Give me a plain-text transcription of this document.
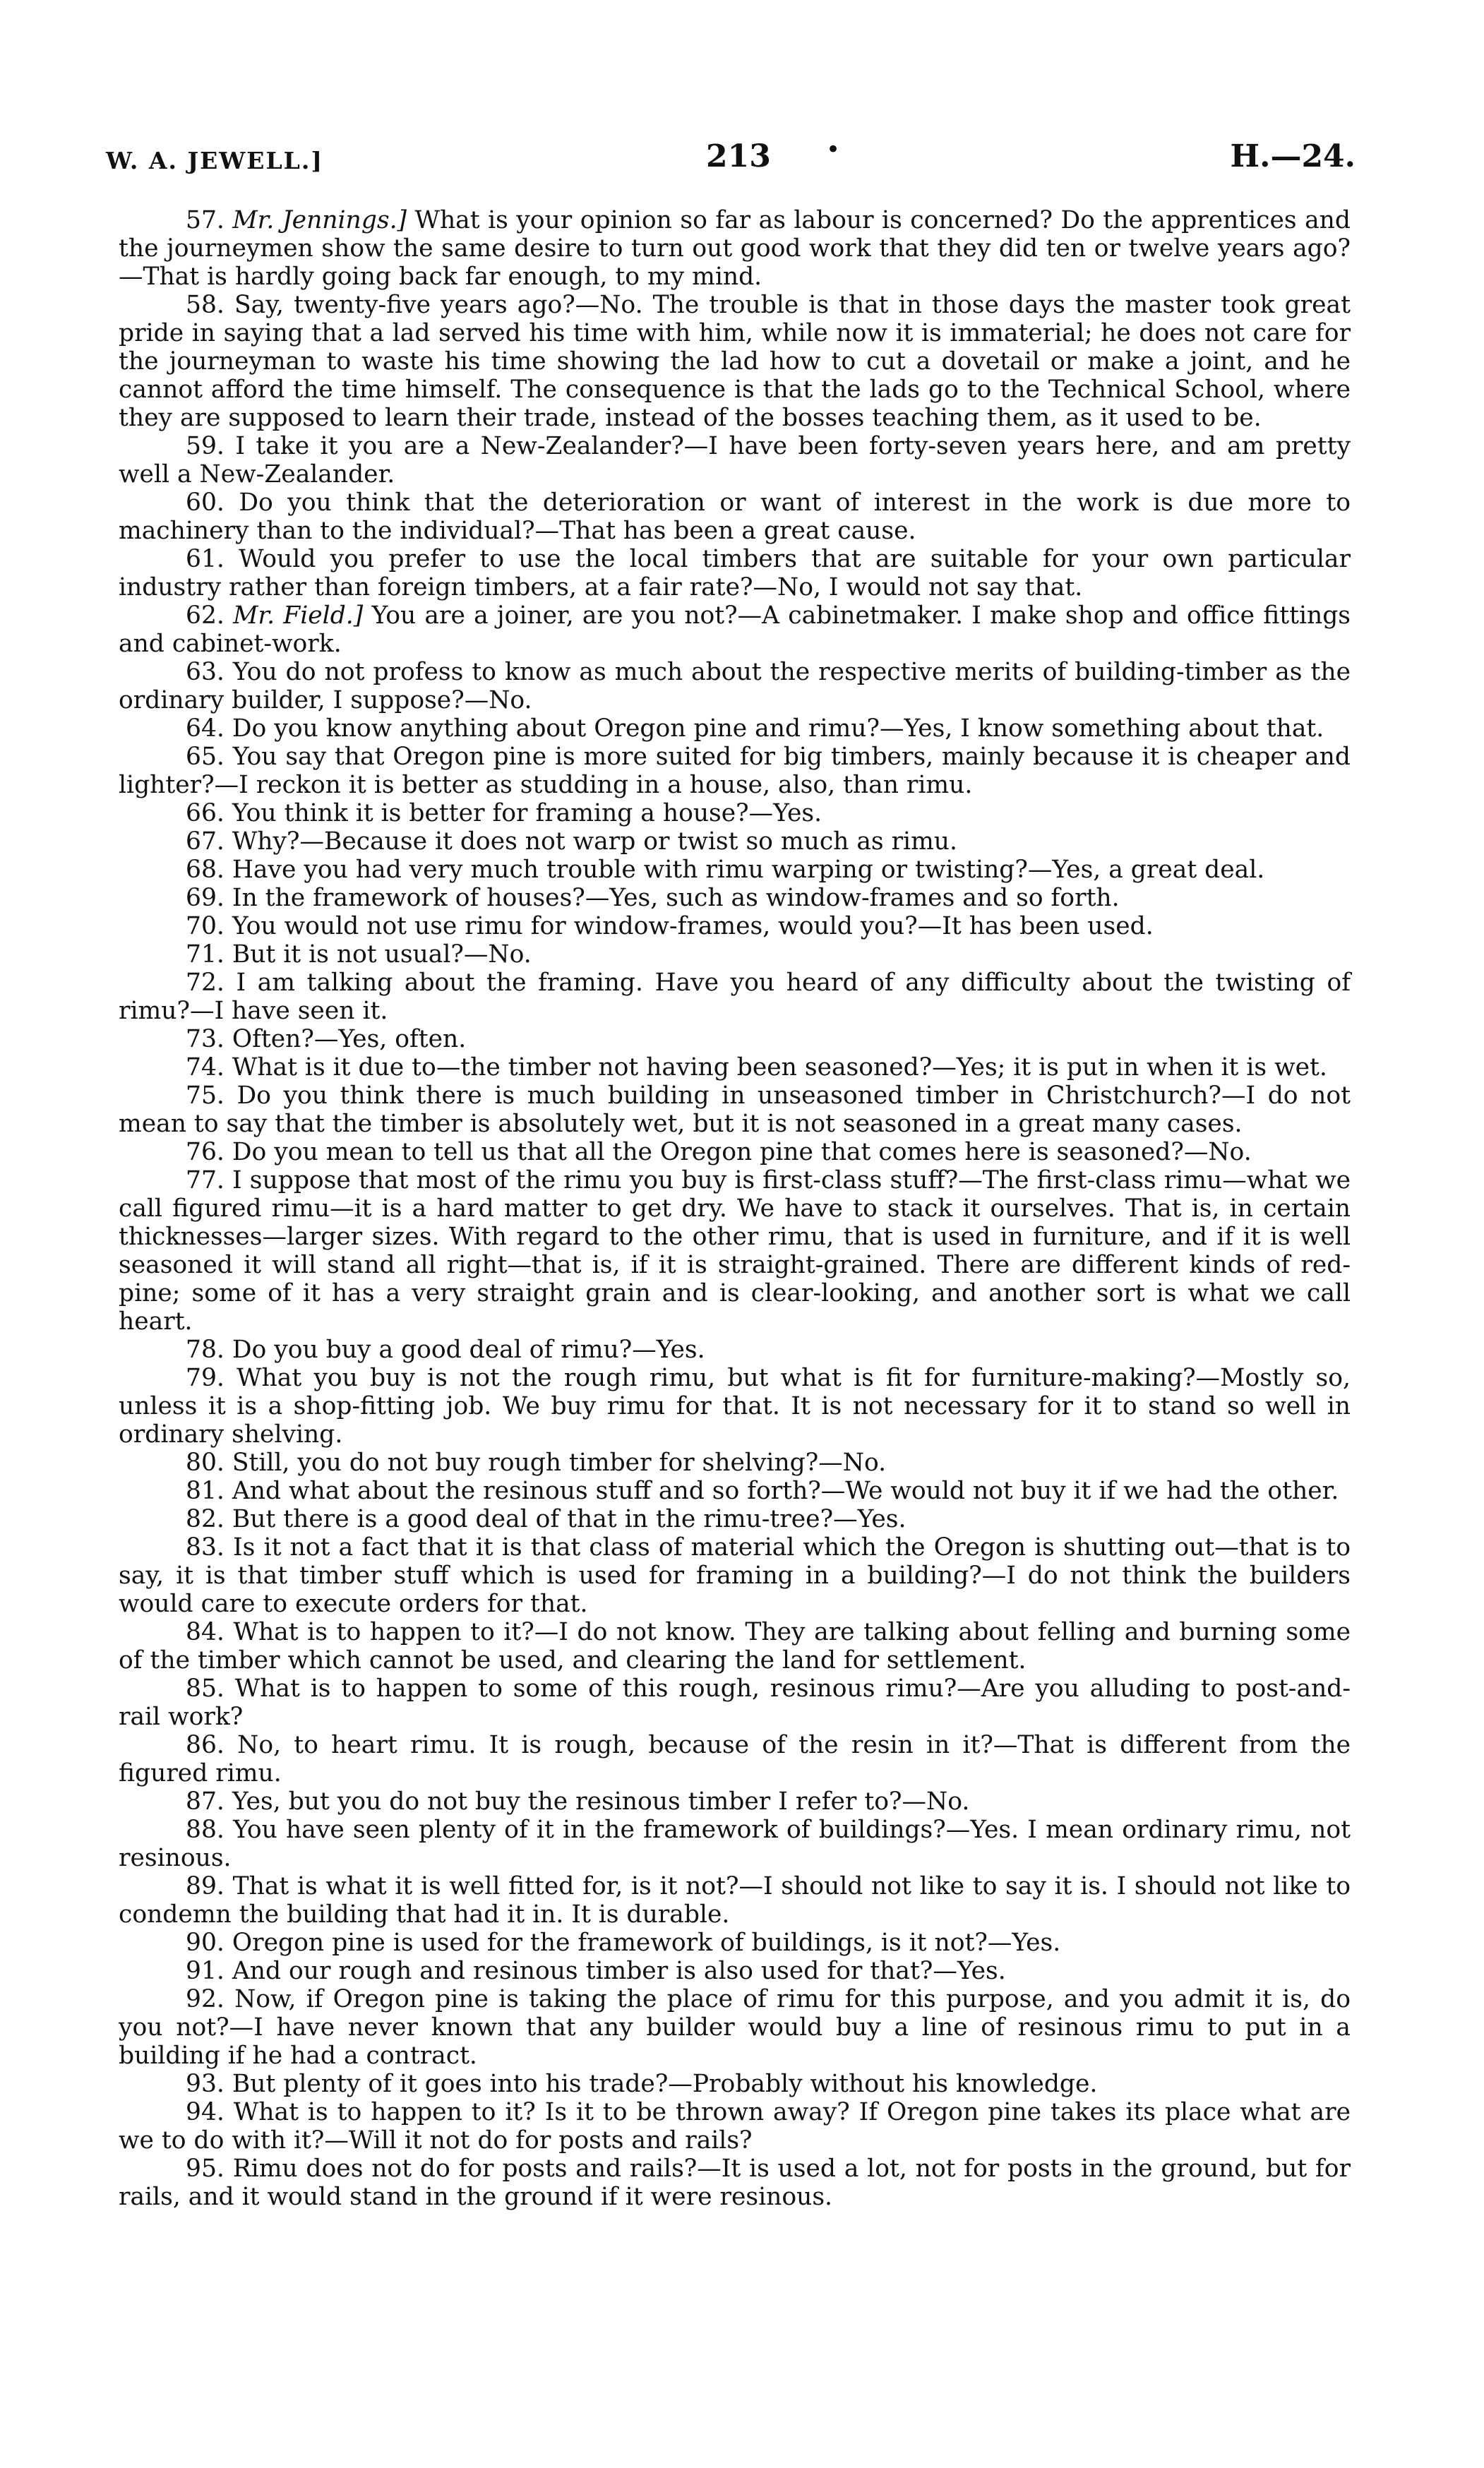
W. A. JEWELL.]	213 •	H.—24.

57. Mr. Jennings.] What is your opinion so far as labour is concerned? Do the apprentices and the journeymen show the same desire to turn out good work that they did ten or twelve years ago?—That is hardly going back far enough, to my mind.

58. Say, twenty-five years ago?—No. The trouble is that in those days the master took great pride in saying that a lad served his time with him, while now it is immaterial; he does not care for the journeyman to waste his time showing the lad how to cut a dovetail or make a joint, and he cannot afford the time himself. The consequence is that the lads go to the Technical School, where they are supposed to learn their trade, instead of the bosses teaching them, as it used to be.

59. I take it you are a New-Zealander?—I have been forty-seven years here, and am pretty well a New-Zealander.

60. Do you think that the deterioration or want of interest in the work is due more to machinery than to the individual?—That has been a great cause.

61. Would you prefer to use the local timbers that are suitable for your own particular industry rather than foreign timbers, at a fair rate?—No, I would not say that.

62. Mr. Field.] You are a joiner, are you not?—A cabinetmaker. I make shop and office fittings and cabinet-work.

63. You do not profess to know as much about the respective merits of building-timber as the ordinary builder, I suppose?—No.

64. Do you know anything about Oregon pine and rimu?—Yes, I know something about that.

65. You say that Oregon pine is more suited for big timbers, mainly because it is cheaper and lighter?—I reckon it is better as studding in a house, also, than rimu.

66. You think it is better for framing a house?—Yes.

67. Why?—Because it does not warp or twist so much as rimu.

68. Have you had very much trouble with rimu warping or twisting?—Yes, a great deal.

69. In the framework of houses?—Yes, such as window-frames and so forth.

70. You would not use rimu for window-frames, would you?—It has been used.

71. But it is not usual?—No.

72. I am talking about the framing. Have you heard of any difficulty about the twisting of rimu?—I have seen it.

73. Often?—Yes, often.

74. What is it due to—the timber not having been seasoned?—Yes; it is put in when it is wet.

75. Do you think there is much building in unseasoned timber in Christchurch?—I do not mean to say that the timber is absolutely wet, but it is not seasoned in a great many cases.

76. Do you mean to tell us that all the Oregon pine that comes here is seasoned?—No.

77. I suppose that most of the rimu you buy is first-class stuff?—The first-class rimu—what we call figured rimu—it is a hard matter to get dry. We have to stack it ourselves. That is, in certain thicknesses—larger sizes. With regard to the other rimu, that is used in furniture, and if it is well seasoned it will stand all right—that is, if it is straight-grained. There are different kinds of red-pine; some of it has a very straight grain and is clear-looking, and another sort is what we call heart.

78. Do you buy a good deal of rimu?—Yes.

79. What you buy is not the rough rimu, but what is fit for furniture-making?—Mostly so, unless it is a shop-fitting job. We buy rimu for that. It is not necessary for it to stand so well in ordinary shelving.

80. Still, you do not buy rough timber for shelving?—No.

81. And what about the resinous stuff and so forth?—We would not buy it if we had the other.

82. But there is a good deal of that in the rimu-tree?—Yes.

83. Is it not a fact that it is that class of material which the Oregon is shutting out—that is to say, it is that timber stuff which is used for framing in a building?—I do not think the builders would care to execute orders for that.

84. What is to happen to it?—I do not know. They are talking about felling and burning some of the timber which cannot be used, and clearing the land for settlement.

85. What is to happen to some of this rough, resinous rimu?—Are you alluding to post-and-rail work?

86. No, to heart rimu. It is rough, because of the resin in it?—That is different from the figured rimu.

87. Yes, but you do not buy the resinous timber I refer to?—No.

88. You have seen plenty of it in the framework of buildings?—Yes. I mean ordinary rimu, not resinous.

89. That is what it is well fitted for, is it not?—I should not like to say it is. I should not like to condemn the building that had it in. It is durable.

90. Oregon pine is used for the framework of buildings, is it not?—Yes.

91. And our rough and resinous timber is also used for that?—Yes.

92. Now, if Oregon pine is taking the place of rimu for this purpose, and you admit it is, do you not?—I have never known that any builder would buy a line of resinous rimu to put in a building if he had a contract.

93. But plenty of it goes into his trade?—Probably without his knowledge.

94. What is to happen to it? Is it to be thrown away? If Oregon pine takes its place what are we to do with it?—Will it not do for posts and rails?

95. Rimu does not do for posts and rails?—It is used a lot, not for posts in the ground, but for rails, and it would stand in the ground if it were resinous.
